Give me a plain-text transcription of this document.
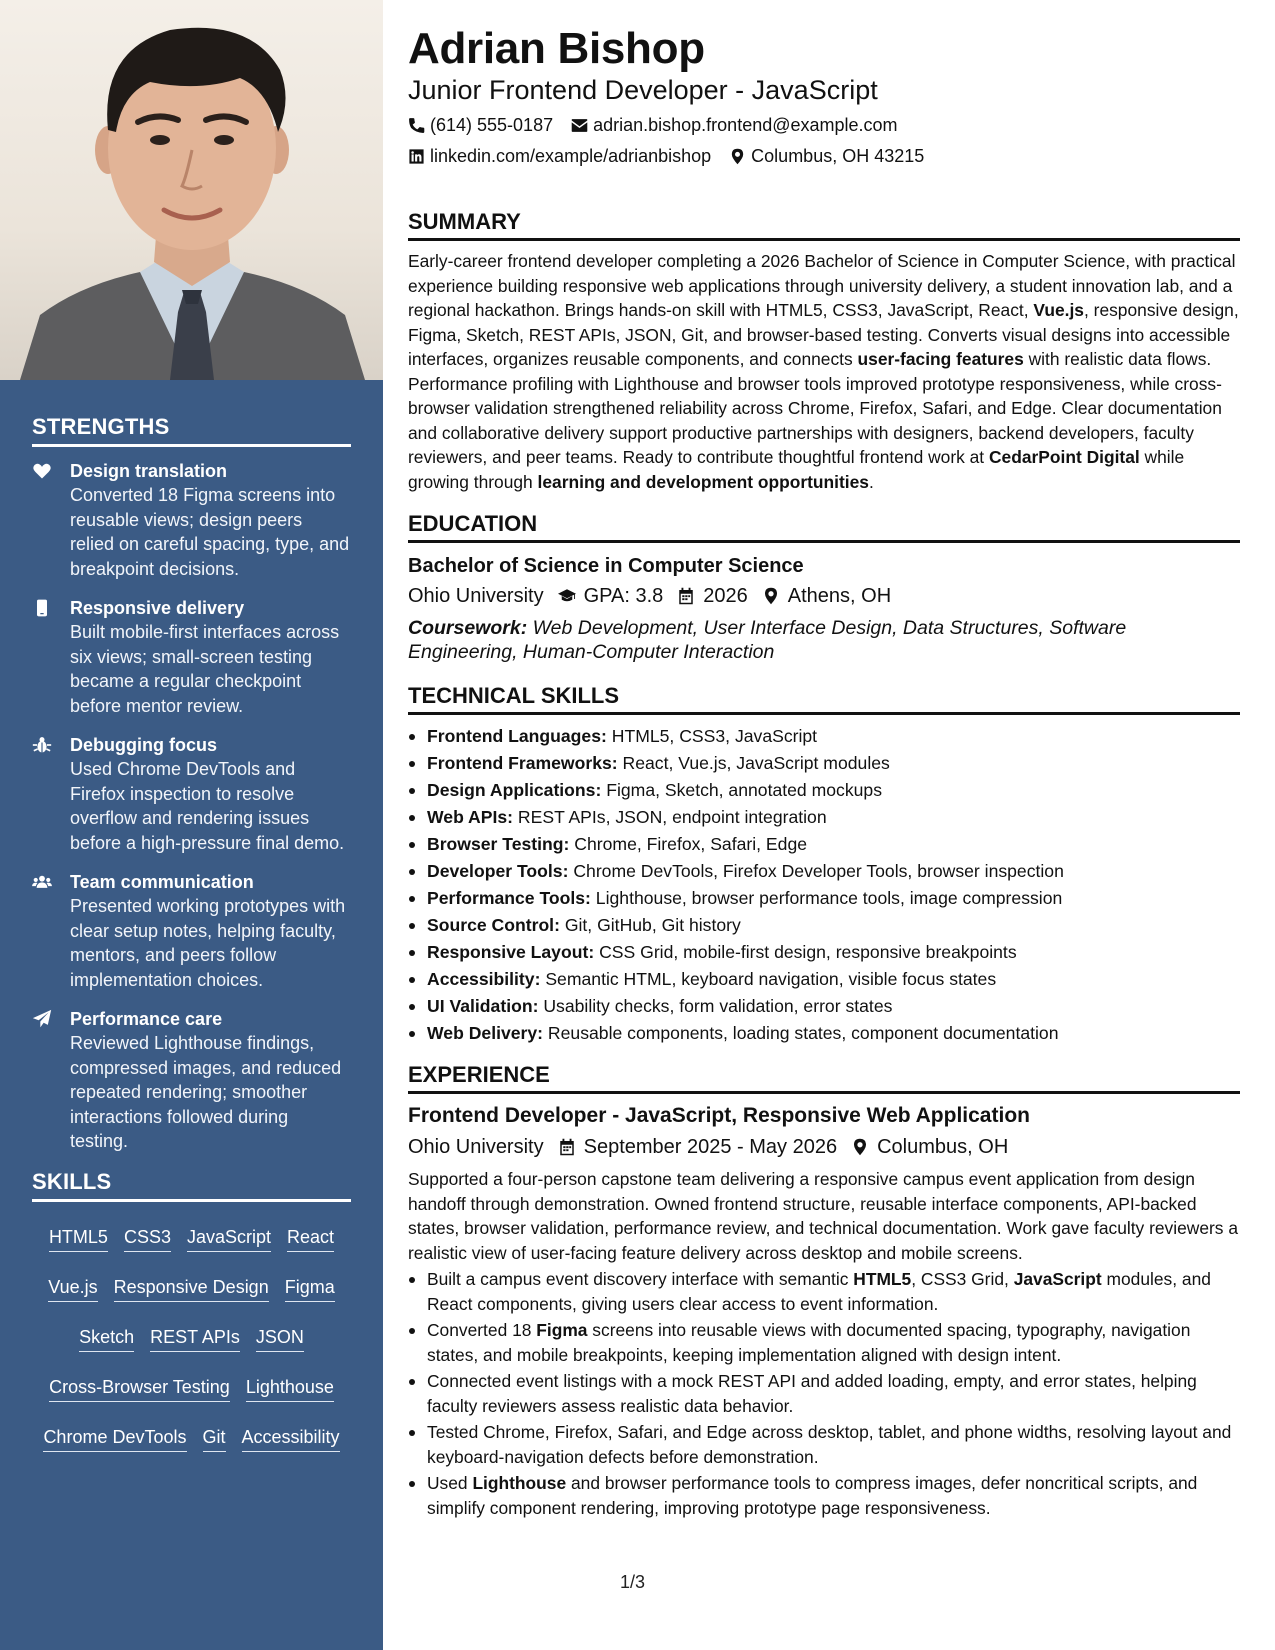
STRENGTHS
Design translation
Converted 18 Figma screens into reusable views; design peers relied on careful spacing, type, and breakpoint decisions.
Responsive delivery
Built mobile-first interfaces across six views; small-screen testing became a regular checkpoint before mentor review.
Debugging focus
Used Chrome DevTools and Firefox inspection to resolve overflow and rendering issues before a high-pressure final demo.
Team communication
Presented working prototypes with clear setup notes, helping faculty, mentors, and peers follow implementation choices.
Performance care
Reviewed Lighthouse findings, compressed images, and reduced repeated rendering; smoother interactions followed during testing.
SKILLS
HTML5 CSS3 JavaScript React
Vue.js Responsive Design Figma
Sketch REST APIs JSON
Cross-Browser Testing Lighthouse
Chrome DevTools Git Accessibility
Adrian Bishop
Junior Frontend Developer - JavaScript
(614) 555-0187 adrian.bishop.frontend@example.com
linkedin.com/example/adrianbishop Columbus, OH 43215
SUMMARY
Early-career frontend developer completing a 2026 Bachelor of Science in Computer Science, with practical experience building responsive web applications through university delivery, a student innovation lab, and a regional hackathon. Brings hands-on skill with HTML5, CSS3, JavaScript, React, Vue.js, responsive design, Figma, Sketch, REST APIs, JSON, Git, and browser-based testing. Converts visual designs into accessible interfaces, organizes reusable components, and connects user-facing features with realistic data flows. Performance profiling with Lighthouse and browser tools improved prototype responsiveness, while cross-browser validation strengthened reliability across Chrome, Firefox, Safari, and Edge. Clear documentation and collaborative delivery support productive partnerships with designers, backend developers, faculty reviewers, and peer teams. Ready to contribute thoughtful frontend work at CedarPoint Digital while growing through learning and development opportunities.
EDUCATION
Bachelor of Science in Computer Science
Ohio University GPA: 3.8 2026 Athens, OH
Coursework: Web Development, User Interface Design, Data Structures, Software Engineering, Human-Computer Interaction
TECHNICAL SKILLS
Frontend Languages: HTML5, CSS3, JavaScript
Frontend Frameworks: React, Vue.js, JavaScript modules
Design Applications: Figma, Sketch, annotated mockups
Web APIs: REST APIs, JSON, endpoint integration
Browser Testing: Chrome, Firefox, Safari, Edge
Developer Tools: Chrome DevTools, Firefox Developer Tools, browser inspection
Performance Tools: Lighthouse, browser performance tools, image compression
Source Control: Git, GitHub, Git history
Responsive Layout: CSS Grid, mobile-first design, responsive breakpoints
Accessibility: Semantic HTML, keyboard navigation, visible focus states
UI Validation: Usability checks, form validation, error states
Web Delivery: Reusable components, loading states, component documentation
EXPERIENCE
Frontend Developer - JavaScript, Responsive Web Application
Ohio University September 2025 - May 2026 Columbus, OH
Supported a four-person capstone team delivering a responsive campus event application from design handoff through demonstration. Owned frontend structure, reusable interface components, API-backed states, browser validation, performance review, and technical documentation. Work gave faculty reviewers a realistic view of user-facing feature delivery across desktop and mobile screens.
Built a campus event discovery interface with semantic HTML5, CSS3 Grid, JavaScript modules, and React components, giving users clear access to event information.
Converted 18 Figma screens into reusable views with documented spacing, typography, navigation states, and mobile breakpoints, keeping implementation aligned with design intent.
Connected event listings with a mock REST API and added loading, empty, and error states, helping faculty reviewers assess realistic data behavior.
Tested Chrome, Firefox, Safari, and Edge across desktop, tablet, and phone widths, resolving layout and keyboard-navigation defects before demonstration.
Used Lighthouse and browser performance tools to compress images, defer noncritical scripts, and simplify component rendering, improving prototype page responsiveness.
1/3
